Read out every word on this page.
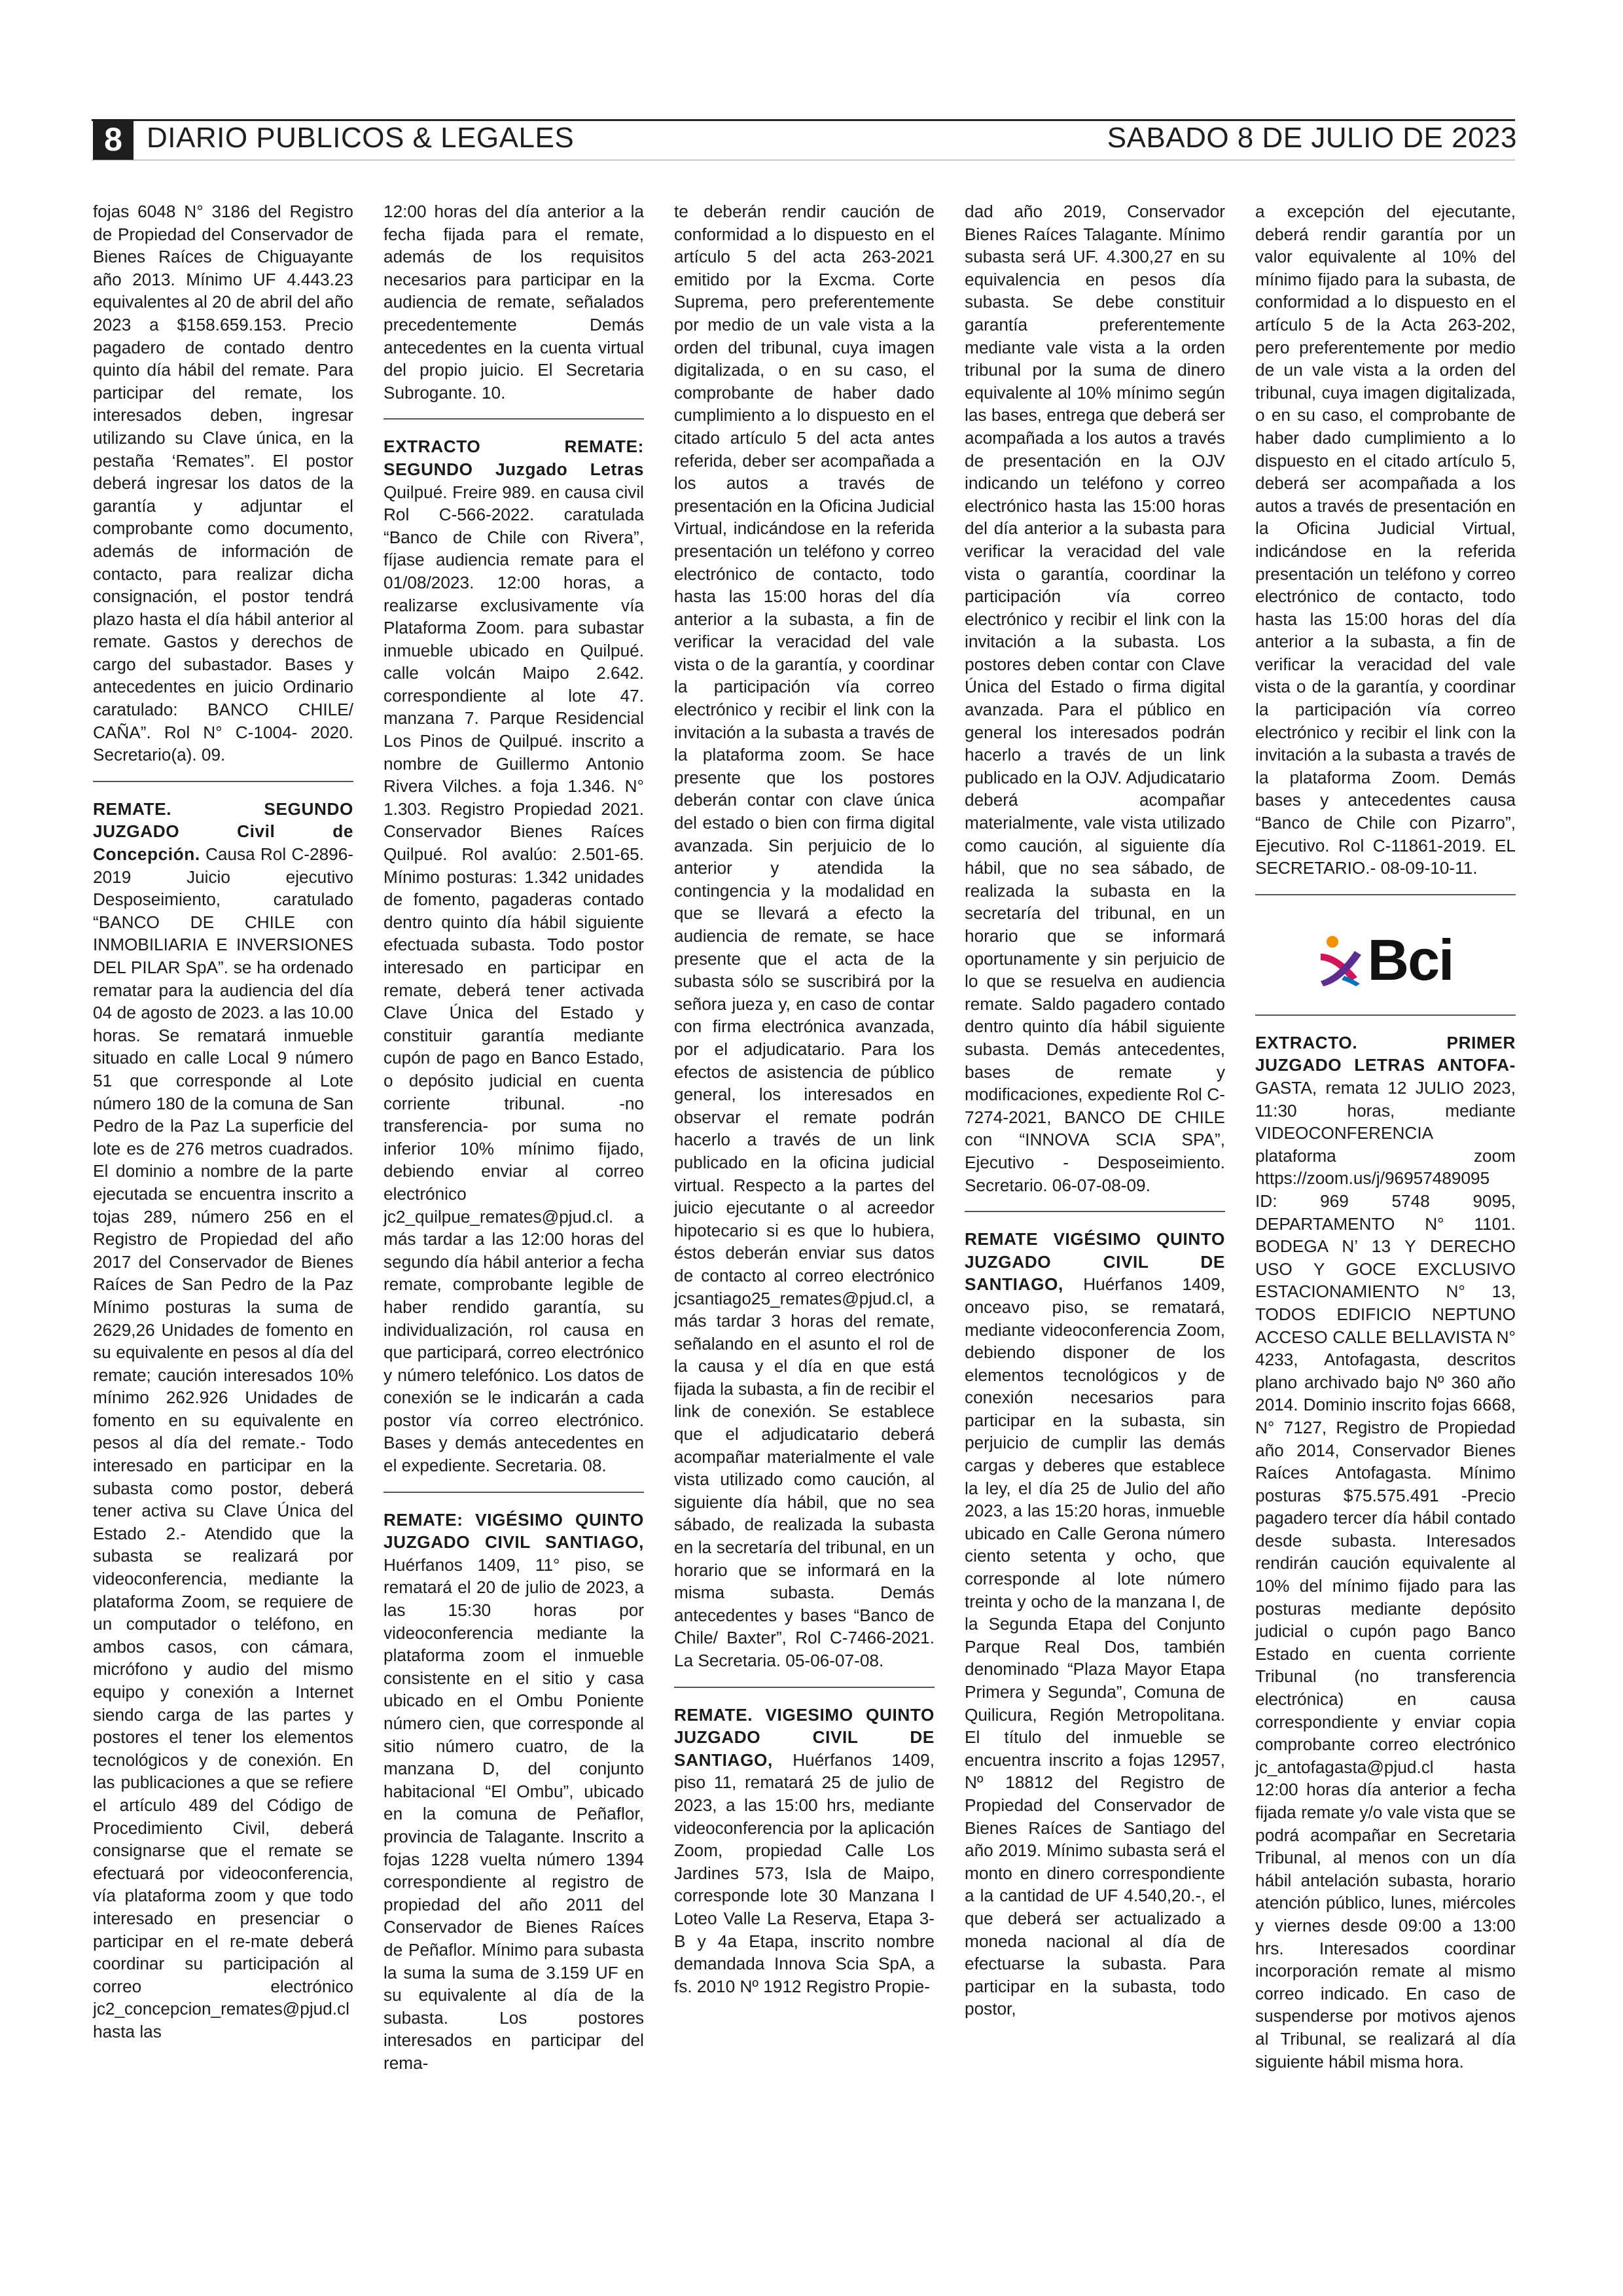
8 DIARIO PUBLICOS & LEGALES	SABADO 8 DE JULIO DE 2023

fojas 6048 N° 3186 del Registro de Propiedad del Conservador de Bienes Raíces de Chiguayante año 2013. Mínimo UF 4.443.23 equivalentes al 20 de abril del año 2023 a $158.659.153. Precio pagadero de contado dentro quinto día hábil del remate. Para participar del remate, los interesados deben, ingresar utilizando su Clave única, en la pestaña ‘Remates”. El postor deberá ingresar los datos de la garantía y adjuntar el comprobante como documento, además de información de contacto, para realizar dicha consignación, el postor tendrá plazo hasta el día hábil anterior al remate. Gastos y derechos de cargo del subastador. Bases y antecedentes en juicio Ordinario caratulado: BANCO CHILE/ CAÑA”. Rol N° C-1004- 2020. Secretario(a). 09.

REMATE. SEGUNDO JUZGADO Civil de Concepción. Causa Rol C-2896-2019 Juicio ejecutivo Desposeimiento, caratulado “BANCO DE CHILE con INMOBILIARIA E INVERSIONES DEL PILAR SpA”. se ha ordenado rematar para la audiencia del día 04 de agosto de 2023. a las 10.00 horas. Se rematará inmueble situado en calle Local 9 número 51 que corresponde al Lote número 180 de la comuna de San Pedro de la Paz La superficie del lote es de 276 metros cuadrados. El dominio a nombre de la parte ejecutada se encuentra inscrito a tojas 289, número 256 en el Registro de Propiedad del año 2017 del Conservador de Bienes Raíces de San Pedro de la Paz Mínimo posturas la suma de 2629,26 Unidades de fomento en su equivalente en pesos al día del remate; caución interesados 10% mínimo 262.926 Unidades de fomento en su equivalente en pesos al día del remate.- Todo interesado en participar en la subasta como postor, deberá tener activa su Clave Única del Estado 2.- Atendido que la subasta se realizará por videoconferencia, mediante la plataforma Zoom, se requiere de un computador o teléfono, en ambos casos, con cámara, micrófono y audio del mismo equipo y conexión a Internet siendo carga de las partes y postores el tener los elementos tecnológicos y de conexión. En las publicaciones a que se refiere el artículo 489 del Código de Procedimiento Civil, deberá consignarse que el remate se efectuará por videoconferencia, vía plataforma zoom y que todo interesado en presenciar o participar en el re-mate deberá coordinar su participación al correo electrónico jc2_concepcion_remates@pjud.cl hasta las

12:00 horas del día anterior a la fecha fijada para el remate, además de los requisitos necesarios para participar en la audiencia de remate, señalados precedentemente Demás antecedentes en la cuenta virtual del propio juicio. El Secretaria Subrogante. 10.

EXTRACTO REMATE: SEGUNDO Juzgado Letras Quilpué. Freire 989. en causa civil Rol C-566-2022. caratulada “Banco de Chile con Rivera”, fíjase audiencia remate para el 01/08/2023. 12:00 horas, a realizarse exclusivamente vía Plataforma Zoom. para subastar inmueble ubicado en Quilpué. calle volcán Maipo 2.642. correspondiente al lote 47. manzana 7. Parque Residencial Los Pinos de Quilpué. inscrito a nombre de Guillermo Antonio Rivera Vilches. a foja 1.346. N° 1.303. Registro Propiedad 2021. Conservador Bienes Raíces Quilpué. Rol avalúo: 2.501-65. Mínimo posturas: 1.342 unidades de fomento, pagaderas contado dentro quinto día hábil siguiente efectuada subasta. Todo postor interesado en participar en remate, deberá tener activada Clave Única del Estado y constituir garantía mediante cupón de pago en Banco Estado, o depósito judicial en cuenta corriente tribunal. -no transferencia- por suma no inferior 10% mínimo fijado, debiendo enviar al correo electrónico jc2_quilpue_remates@pjud.cl. a más tardar a las 12:00 horas del segundo día hábil anterior a fecha remate, comprobante legible de haber rendido garantía, su individualización, rol causa en que participará, correo electrónico y número telefónico. Los datos de conexión se le indicarán a cada postor vía correo electrónico. Bases y demás antecedentes en el expediente. Secretaria. 08.

REMATE: VIGÉSIMO QUINTO JUZGADO CIVIL SANTIAGO, Huérfanos 1409, 11° piso, se rematará el 20 de julio de 2023, a las 15:30 horas por videoconferencia mediante la plataforma zoom el inmueble consistente en el sitio y casa ubicado en el Ombu Poniente número cien, que corresponde al sitio número cuatro, de la manzana D, del conjunto habitacional “El Ombu”, ubicado en la comuna de Peñaflor, provincia de Talagante. Inscrito a fojas 1228 vuelta número 1394 correspondiente al registro de propiedad del año 2011 del Conservador de Bienes Raíces de Peñaflor. Mínimo para subasta la suma la suma de 3.159 UF en su equivalente al día de la subasta. Los postores interesados en participar del rema-

te deberán rendir caución de conformidad a lo dispuesto en el artículo 5 del acta 263-2021 emitido por la Excma. Corte Suprema, pero preferentemente por medio de un vale vista a la orden del tribunal, cuya imagen digitalizada, o en su caso, el comprobante de haber dado cumplimiento a lo dispuesto en el citado artículo 5 del acta antes referida, deber ser acompañada a los autos a través de presentación en la Oficina Judicial Virtual, indicándose en la referida presentación un teléfono y correo electrónico de contacto, todo hasta las 15:00 horas del día anterior a la subasta, a fin de verificar la veracidad del vale vista o de la garantía, y coordinar la participación vía correo electrónico y recibir el link con la invitación a la subasta a través de la plataforma zoom. Se hace presente que los postores deberán contar con clave única del estado o bien con firma digital avanzada. Sin perjuicio de lo anterior y atendida la contingencia y la modalidad en que se llevará a efecto la audiencia de remate, se hace presente que el acta de la subasta sólo se suscribirá por la señora jueza y, en caso de contar con firma electrónica avanzada, por el adjudicatario. Para los efectos de asistencia de público general, los interesados en observar el remate podrán hacerlo a través de un link publicado en la oficina judicial virtual. Respecto a la partes del juicio ejecutante o al acreedor hipotecario si es que lo hubiera, éstos deberán enviar sus datos de contacto al correo electrónico jcsantiago25_remates@pjud.cl, a más tardar 3 horas del remate, señalando en el asunto el rol de la causa y el día en que está fijada la subasta, a fin de recibir el link de conexión. Se establece que el adjudicatario deberá acompañar materialmente el vale vista utilizado como caución, al siguiente día hábil, que no sea sábado, de realizada la subasta en la secretaría del tribunal, en un horario que se informará en la misma subasta. Demás antecedentes y bases “Banco de Chile/ Baxter”, Rol C-7466-2021. La Secretaria. 05-06-07-08.

REMATE. VIGESIMO QUINTO JUZGADO CIVIL DE SANTIAGO, Huérfanos 1409, piso 11, rematará 25 de julio de 2023, a las 15:00 hrs, mediante videoconferencia por la aplicación Zoom, propiedad Calle Los Jardines 573, Isla de Maipo, corresponde lote 30 Manzana I Loteo Valle La Reserva, Etapa 3-B y 4a Etapa, inscrito nombre demandada Innova Scia SpA, a fs. 2010 Nº 1912 Registro Propie-

dad año 2019, Conservador Bienes Raíces Talagante. Mínimo subasta será UF. 4.300,27 en su equivalencia en pesos día subasta. Se debe constituir garantía preferentemente mediante vale vista a la orden tribunal por la suma de dinero equivalente al 10% mínimo según las bases, entrega que deberá ser acompañada a los autos a través de presentación en la OJV indicando un teléfono y correo electrónico hasta las 15:00 horas del día anterior a la subasta para verificar la veracidad del vale vista o garantía, coordinar la participación vía correo electrónico y recibir el link con la invitación a la subasta. Los postores deben contar con Clave Única del Estado o firma digital avanzada. Para el público en general los interesados podrán hacerlo a través de un link publicado en la OJV. Adjudicatario deberá acompañar materialmente, vale vista utilizado como caución, al siguiente día hábil, que no sea sábado, de realizada la subasta en la secretaría del tribunal, en un horario que se informará oportunamente y sin perjuicio de lo que se resuelva en audiencia remate. Saldo pagadero contado dentro quinto día hábil siguiente subasta. Demás antecedentes, bases de remate y modificaciones, expediente Rol C-7274-2021, BANCO DE CHILE con “INNOVA SCIA SPA”, Ejecutivo - Desposeimiento. Secretario. 06-07-08-09.

REMATE VIGÉSIMO QUINTO JUZGADO CIVIL DE SANTIAGO, Huérfanos 1409, onceavo piso, se rematará, mediante videoconferencia Zoom, debiendo disponer de los elementos tecnológicos y de conexión necesarios para participar en la subasta, sin perjuicio de cumplir las demás cargas y deberes que establece la ley, el día 25 de Julio del año 2023, a las 15:20 horas, inmueble ubicado en Calle Gerona número ciento setenta y ocho, que corresponde al lote número treinta y ocho de la manzana I, de la Segunda Etapa del Conjunto Parque Real Dos, también denominado “Plaza Mayor Etapa Primera y Segunda”, Comuna de Quilicura, Región Metropolitana. El título del inmueble se encuentra inscrito a fojas 12957, Nº 18812 del Registro de Propiedad del Conservador de Bienes Raíces de Santiago del año 2019. Mínimo subasta será el monto en dinero correspondiente a la cantidad de UF 4.540,20.-, el que deberá ser actualizado a moneda nacional al día de efectuarse la subasta. Para participar en la subasta, todo postor,

a excepción del ejecutante, deberá rendir garantía por un valor equivalente al 10% del mínimo fijado para la subasta, de conformidad a lo dispuesto en el artículo 5 de la Acta 263-202, pero preferentemente por medio de un vale vista a la orden del tribunal, cuya imagen digitalizada, o en su caso, el comprobante de haber dado cumplimiento a lo dispuesto en el citado artículo 5, deberá ser acompañada a los autos a través de presentación en la Oficina Judicial Virtual, indicándose en la referida presentación un teléfono y correo electrónico de contacto, todo hasta las 15:00 horas del día anterior a la subasta, a fin de verificar la veracidad del vale vista o de la garantía, y coordinar la participación vía correo electrónico y recibir el link con la invitación a la subasta a través de la plataforma Zoom. Demás bases y antecedentes causa “Banco de Chile con Pizarro”, Ejecutivo. Rol C-11861-2019. EL SECRETARIO.- 08-09-10-11.

Bci

EXTRACTO. PRIMER JUZGADO LETRAS ANTOFA- GASTA, remata 12 JULIO 2023, 11:30 horas, mediante VIDEOCONFERENCIA plataforma zoom https://zoom.us/j/96957489095 ID: 969 5748 9095, DEPARTAMENTO N° 1101. BODEGA N’ 13 Y DERECHO USO Y GOCE EXCLUSIVO ESTACIONAMIENTO N° 13, TODOS EDIFICIO NEPTUNO ACCESO CALLE BELLAVISTA N° 4233, Antofagasta, descritos plano archivado bajo Nº 360 año 2014. Dominio inscrito fojas 6668, N° 7127, Registro de Propiedad año 2014, Conservador Bienes Raíces Antofagasta. Mínimo posturas $75.575.491 -Precio pagadero tercer día hábil contado desde subasta. Interesados rendirán caución equivalente al 10% del mínimo fijado para las posturas mediante depósito judicial o cupón pago Banco Estado en cuenta corriente Tribunal (no transferencia electrónica) en causa correspondiente y enviar copia comprobante correo electrónico jc_antofagasta@pjud.cl hasta 12:00 horas día anterior a fecha fijada remate y/o vale vista que se podrá acompañar en Secretaria Tribunal, al menos con un día hábil antelación subasta, horario atención público, lunes, miércoles y viernes desde 09:00 a 13:00 hrs. Interesados coordinar incorporación remate al mismo correo indicado. En caso de suspenderse por motivos ajenos al Tribunal, se realizará al día siguiente hábil misma hora.
